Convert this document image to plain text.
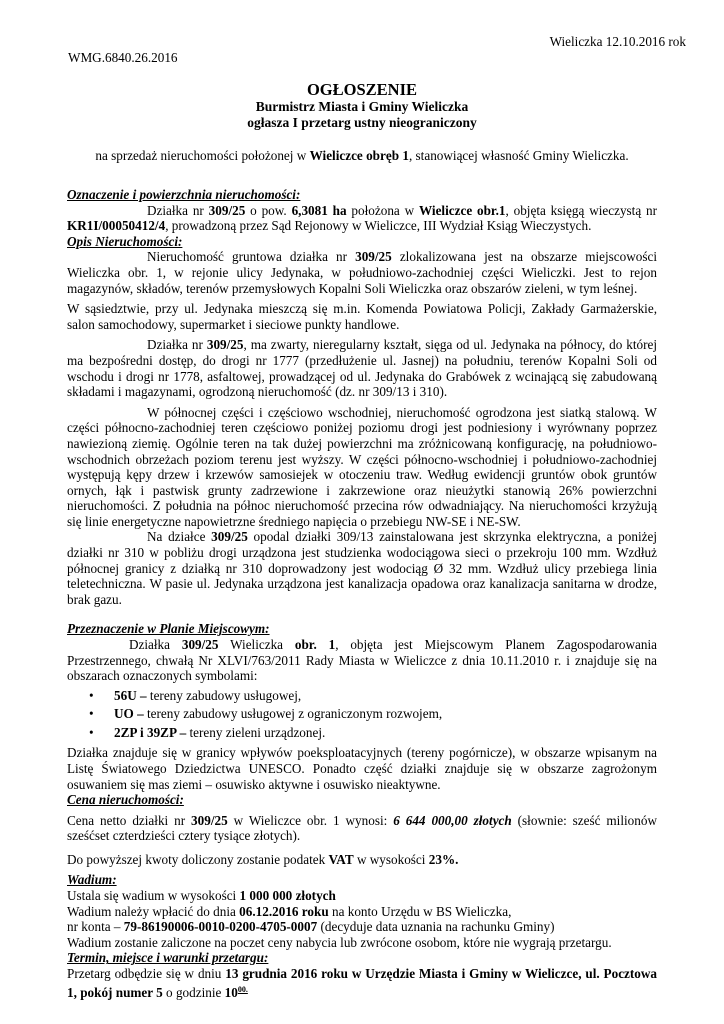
Wieliczka 12.10.2016 rok
WMG.6840.26.2016
OGŁOSZENIE
Burmistrz Miasta i Gminy Wieliczka
ogłasza I przetarg ustny nieograniczony
na sprzedaż nieruchomości położonej w Wieliczce obręb 1, stanowiącej własność Gminy Wieliczka.
Oznaczenie i powierzchnia nieruchomości:

Działka nr 309/25 o pow. 6,3081 ha położona w Wieliczce obr.1, objęta księgą wieczystą nr KR1I/00050412/4, prowadzoną przez Sąd Rejonowy w Wieliczce, III Wydział Ksiąg Wieczystych.

Opis Nieruchomości:

Nieruchomość gruntowa działka nr 309/25 zlokalizowana jest na obszarze miejscowości Wieliczka obr. 1, w rejonie ulicy Jedynaka, w południowo-zachodniej części Wieliczki. Jest to rejon magazynów, składów, terenów przemysłowych Kopalni Soli Wieliczka oraz obszarów zieleni, w tym leśnej.

W sąsiedztwie, przy ul. Jedynaka mieszczą się m.in. Komenda Powiatowa Policji, Zakłady Garmażerskie, salon samochodowy, supermarket i sieciowe punkty handlowe.

Działka nr 309/25, ma zwarty, nieregularny kształt, sięga od ul. Jedynaka na północy, do której ma bezpośredni dostęp, do drogi nr 1777 (przedłużenie ul. Jasnej) na południu, terenów Kopalni Soli od wschodu i drogi nr 1778, asfaltowej, prowadzącej od ul. Jedynaka do Grabówek z wcinającą się zabudowaną składami i magazynami, ogrodzoną nieruchomość (dz. nr 309/13 i 310).

W północnej części i częściowo wschodniej, nieruchomość ogrodzona jest siatką stalową. W części północno-zachodniej teren częściowo poniżej poziomu drogi jest podniesiony i wyrównany poprzez nawiezioną ziemię. Ogólnie teren na tak dużej powierzchni ma zróżnicowaną konfigurację, na południowo-wschodnich obrzeżach poziom terenu jest wyższy. W części północno-wschodniej i południowo-zachodniej występują kępy drzew i krzewów samosiejek w otoczeniu traw. Według ewidencji gruntów obok gruntów ornych, łąk i pastwisk grunty zadrzewione i zakrzewione oraz nieużytki stanowią 26% powierzchni nieruchomości. Z południa na północ nieruchomość przecina rów odwadniający. Na nieruchomości krzyżują się linie energetyczne napowietrzne średniego napięcia o przebiegu NW-SE i NE-SW.

Na działce 309/25 opodal działki 309/13 zainstalowana jest skrzynka elektryczna, a poniżej działki nr 310 w pobliżu drogi urządzona jest studzienka wodociągowa sieci o przekroju 100 mm. Wzdłuż północnej granicy z działką nr 310 doprowadzony jest wodociąg Ø 32 mm. Wzdłuż ulicy przebiega linia teletechniczna. W pasie ul. Jedynaka urządzona jest kanalizacja opadowa oraz kanalizacja sanitarna w drodze, brak gazu.

Przeznaczenie w Planie Miejscowym:

Działka 309/25 Wieliczka obr. 1, objęta jest Miejscowym Planem Zagospodarowania Przestrzennego, chwałą Nr XLVI/763/2011 Rady Miasta w Wieliczce z dnia 10.11.2010 r. i znajduje się na obszarach oznaczonych symbolami:

• 56U – tereny zabudowy usługowej,
• UO – tereny zabudowy usługowej z ograniczonym rozwojem,
• 2ZP i 39ZP – tereny zieleni urządzonej.

Działka znajduje się w granicy wpływów poeksploatacyjnych (tereny pogórnicze), w obszarze wpisanym na Listę Światowego Dziedzictwa UNESCO. Ponadto część działki znajduje się w obszarze zagrożonym osuwaniem się mas ziemi – osuwisko aktywne i osuwisko nieaktywne.

Cena nieruchomości:

Cena netto działki nr 309/25 w Wieliczce obr. 1 wynosi: 6 644 000,00 złotych (słownie: sześć milionów sześćset czterdzieści cztery tysiące złotych).

Do powyższej kwoty doliczony zostanie podatek VAT w wysokości 23%.

Wadium:

Ustala się wadium w wysokości 1 000 000 złotych

Wadium należy wpłacić do dnia 06.12.2016 roku na konto Urzędu w BS Wieliczka,

nr konta – 79-86190006-0010-0200-4705-0007 (decyduje data uznania na rachunku Gminy)

Wadium zostanie zaliczone na poczet ceny nabycia lub zwrócone osobom, które nie wygrają przetargu.

Termin, miejsce i warunki przetargu:

Przetarg odbędzie się w dniu 13 grudnia 2016 roku w Urzędzie Miasta i Gminy w Wieliczce, ul. Pocztowa 1, pokój numer 5 o godzinie $10^{00.}$
